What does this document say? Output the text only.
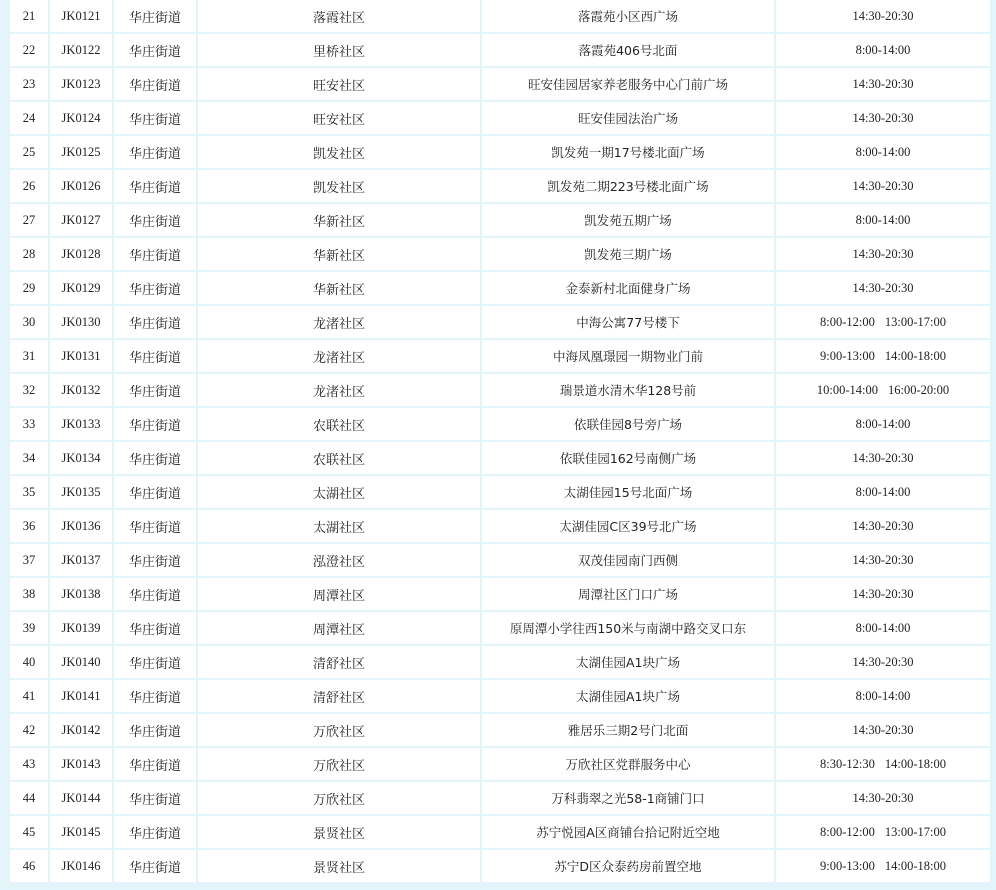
21	JK0121	华庄街道	落霞社区	落霞苑小区西广场	14:30-20:30
22	JK0122	华庄街道	里桥社区	落霞苑406号北面	8:00-14:00
23	JK0123	华庄街道	旺安社区	旺安佳园居家养老服务中心门前广场	14:30-20:30
24	JK0124	华庄街道	旺安社区	旺安佳园法治广场	14:30-20:30
25	JK0125	华庄街道	凯发社区	凯发苑一期17号楼北面广场	8:00-14:00
26	JK0126	华庄街道	凯发社区	凯发苑二期223号楼北面广场	14:30-20:30
27	JK0127	华庄街道	华新社区	凯发苑五期广场	8:00-14:00
28	JK0128	华庄街道	华新社区	凯发苑三期广场	14:30-20:30
29	JK0129	华庄街道	华新社区	金泰新村北面健身广场	14:30-20:30
30	JK0130	华庄街道	龙渚社区	中海公寓77号楼下	8:00-12:00 13:00-17:00
31	JK0131	华庄街道	龙渚社区	中海凤凰璟园一期物业门前	9:00-13:00 14:00-18:00
32	JK0132	华庄街道	龙渚社区	瑞景道水清木华128号前	10:00-14:00 16:00-20:00
33	JK0133	华庄街道	农联社区	依联佳园8号旁广场	8:00-14:00
34	JK0134	华庄街道	农联社区	依联佳园162号南侧广场	14:30-20:30
35	JK0135	华庄街道	太湖社区	太湖佳园15号北面广场	8:00-14:00
36	JK0136	华庄街道	太湖社区	太湖佳园C区39号北广场	14:30-20:30
37	JK0137	华庄街道	泓澄社区	双茂佳园南门西侧	14:30-20:30
38	JK0138	华庄街道	周潭社区	周潭社区门口广场	14:30-20:30
39	JK0139	华庄街道	周潭社区	原周潭小学往西150米与南湖中路交叉口东	8:00-14:00
40	JK0140	华庄街道	清舒社区	太湖佳园A1块广场	14:30-20:30
41	JK0141	华庄街道	清舒社区	太湖佳园A1块广场	8:00-14:00
42	JK0142	华庄街道	万欣社区	雅居乐三期2号门北面	14:30-20:30
43	JK0143	华庄街道	万欣社区	万欣社区党群服务中心	8:30-12:30 14:00-18:00
44	JK0144	华庄街道	万欣社区	万科翡翠之光58-1商铺门口	14:30-20:30
45	JK0145	华庄街道	景贤社区	苏宁悦园A区商铺台拾记附近空地	8:00-12:00 13:00-17:00
46	JK0146	华庄街道	景贤社区	苏宁D区众泰药房前置空地	9:00-13:00 14:00-18:00
